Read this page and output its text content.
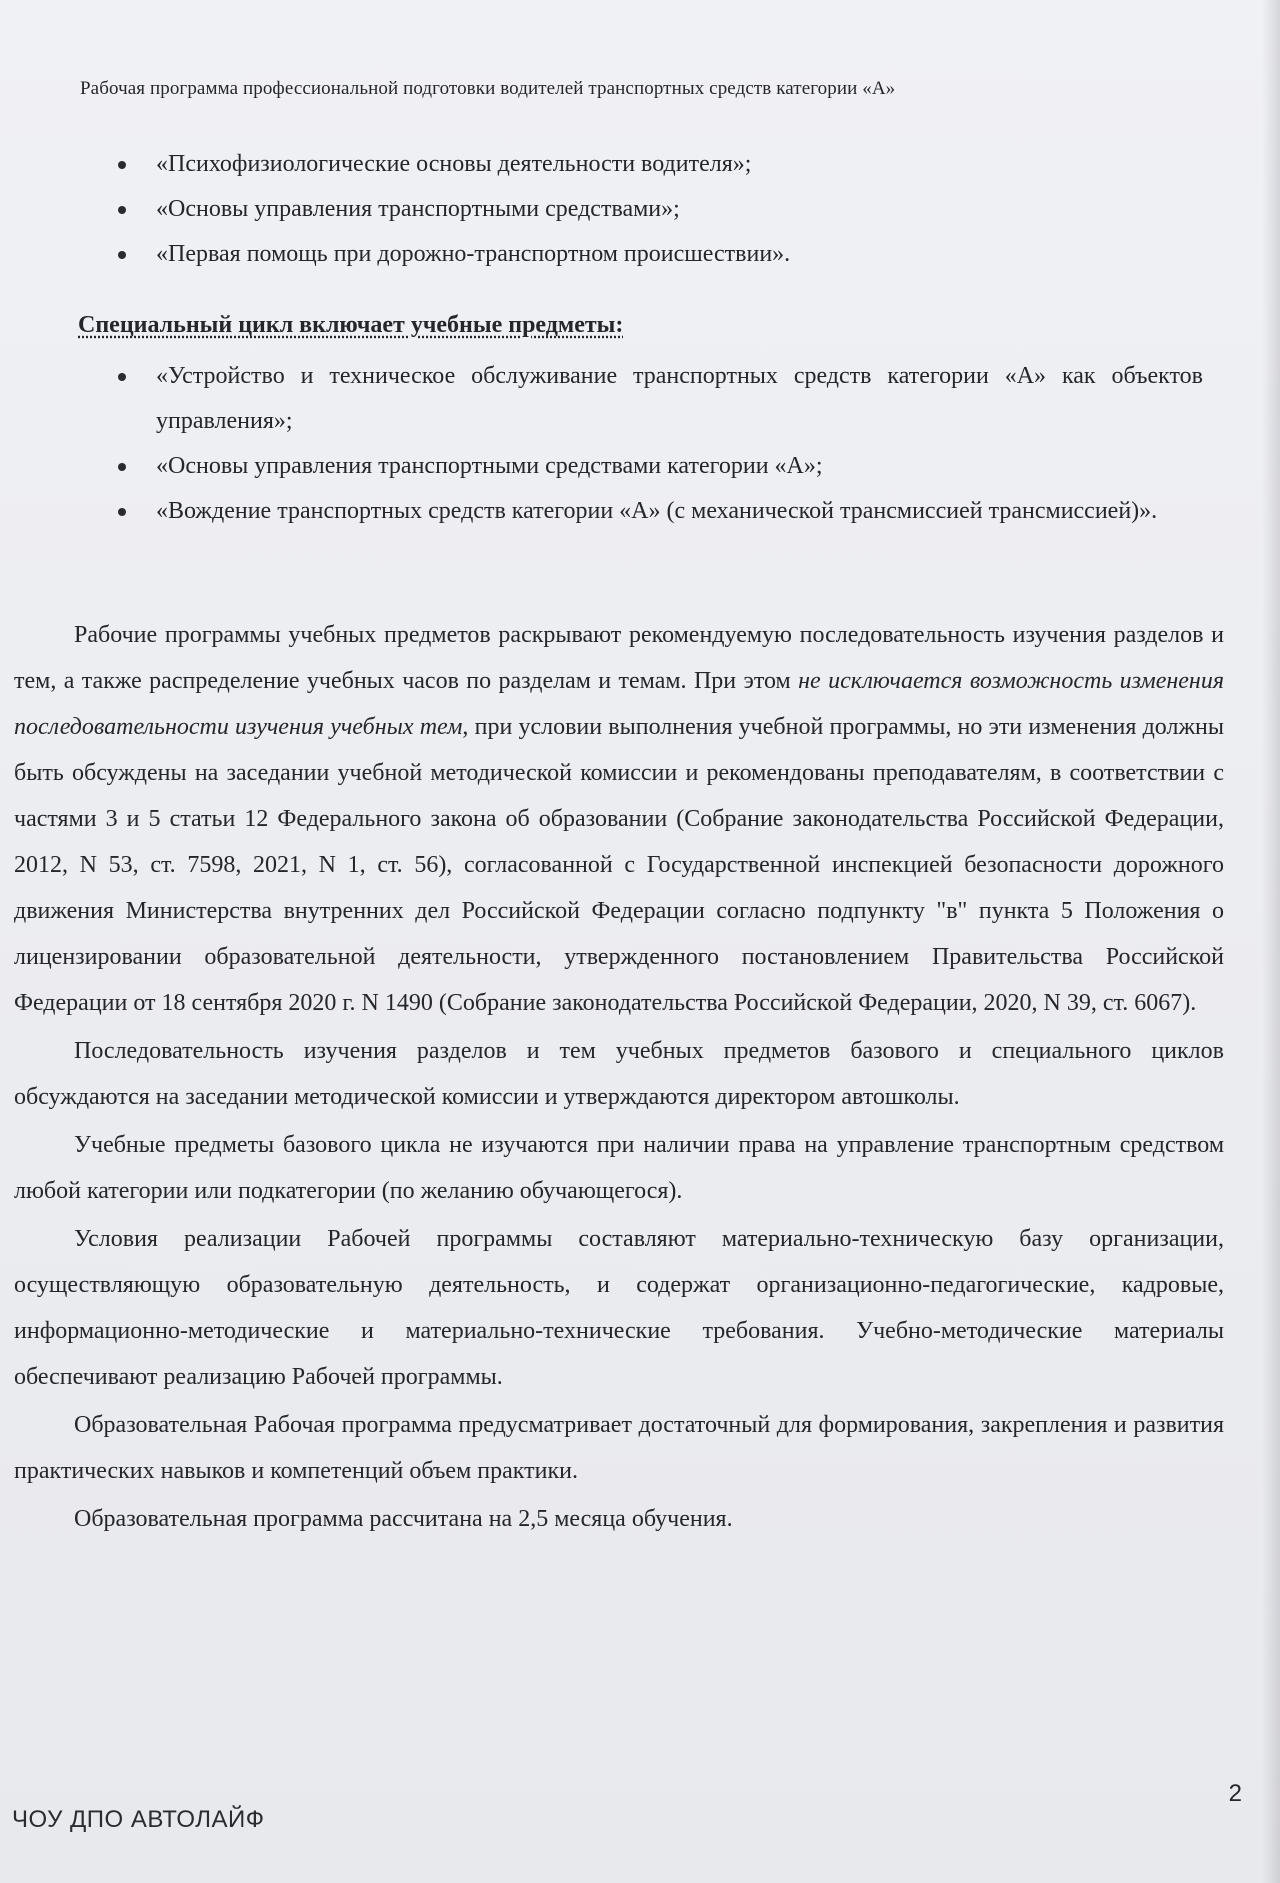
Рабочая программа профессиональной подготовки водителей транспортных средств категории «А»
«Психофизиологические основы деятельности водителя»;
«Основы управления транспортными средствами»;
«Первая помощь при дорожно-транспортном происшествии».
Специальный цикл включает учебные предметы:
«Устройство и техническое обслуживание транспортных средств категории «А» как объектов управления»;
«Основы управления транспортными средствами категории «А»;
«Вождение транспортных средств категории «А» (с механической трансмиссией трансмиссией)».

Рабочие программы учебных предметов раскрывают рекомендуемую последовательность изучения разделов и тем, а также распределение учебных часов по разделам и темам. При этом не исключается возможность изменения последовательности изучения учебных тем, при условии выполнения учебной программы, но эти изменения должны быть обсуждены на заседании учебной методической комиссии и рекомендованы преподавателям, в соответствии с частями 3 и 5 статьи 12 Федерального закона об образовании (Собрание законодательства Российской Федерации, 2012, N 53, ст. 7598, 2021, N 1, ст. 56), согласованной с Государственной инспекцией безопасности дорожного движения Министерства внутренних дел Российской Федерации согласно подпункту "в" пункта 5 Положения о лицензировании образовательной деятельности, утвержденного постановлением Правительства Российской Федерации от 18 сентября 2020 г. N 1490 (Собрание законодательства Российской Федерации, 2020, N 39, ст. 6067).

Последовательность изучения разделов и тем учебных предметов базового и специального циклов обсуждаются на заседании методической комиссии и утверждаются директором автошколы.

Учебные предметы базового цикла не изучаются при наличии права на управление транспортным средством любой категории или подкатегории (по желанию обучающегося).

Условия реализации Рабочей программы составляют материально-техническую базу организации, осуществляющую образовательную деятельность, и содержат организационно-педагогические, кадровые, информационно-методические и материально-технические требования. Учебно-методические материалы обеспечивают реализацию Рабочей программы.

Образовательная Рабочая программа предусматривает достаточный для формирования, закрепления и развития практических навыков и компетенций объем практики.

Образовательная программа рассчитана на 2,5 месяца обучения.

2
ЧОУ ДПО АВТОЛАЙФ
